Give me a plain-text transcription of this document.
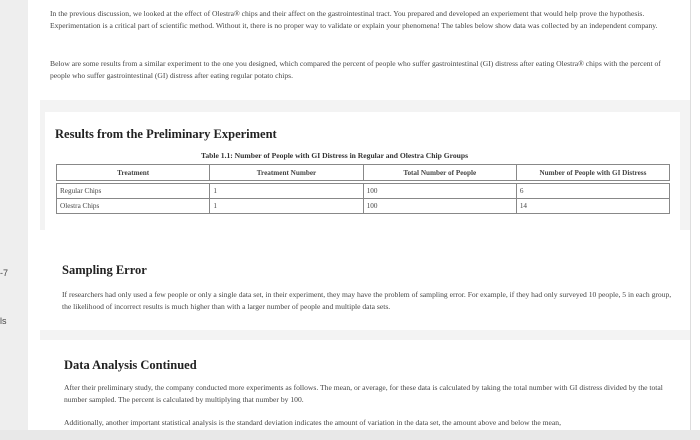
-7
ls

In the previous discussion, we looked at the effect of Olestra® chips and their affect on the gastrointestinal tract. You prepared and developed an experiement that would help prove the hypothesis. Experimentation is a critical part of scientific method. Without it, there is no proper way to validate or explain your phenomena! The tables below show data was collected by an independent company.

Below are some results from a similar experiment to the one you designed, which compared the percent of people who suffer gastrointestinal (GI) distress after eating Olestra® chips with the percent of people who suffer gastrointestinal (GI) distress after eating regular potato chips.

Results from the Preliminary Experiment
Table 1.1: Number of People with GI Distress in Regular and Olestra Chip Groups
Treatment	Treatment Number	Total Number of People	Number of People with GI Distress

Regular Chips	1	100	6
Olestra Chips	1	100	14
Sampling Error

If researchers had only used a few people or only a single data set, in their experiment, they may have the problem of sampling error. For example, if they had only surveyed 10 people, 5 in each group, the likelihood of incorrect results is much higher than with a larger number of people and multiple data sets.

Data Analysis Continued

After their preliminary study, the company conducted more experiments as follows. The mean, or average, for these data is calculated by taking the total number with GI distress divided by the total number sampled. The percent is calculated by multiplying that number by 100.

Additionally, another important statistical analysis is the standard deviation indicates the amount of variation in the data set, the amount above and below the mean,
